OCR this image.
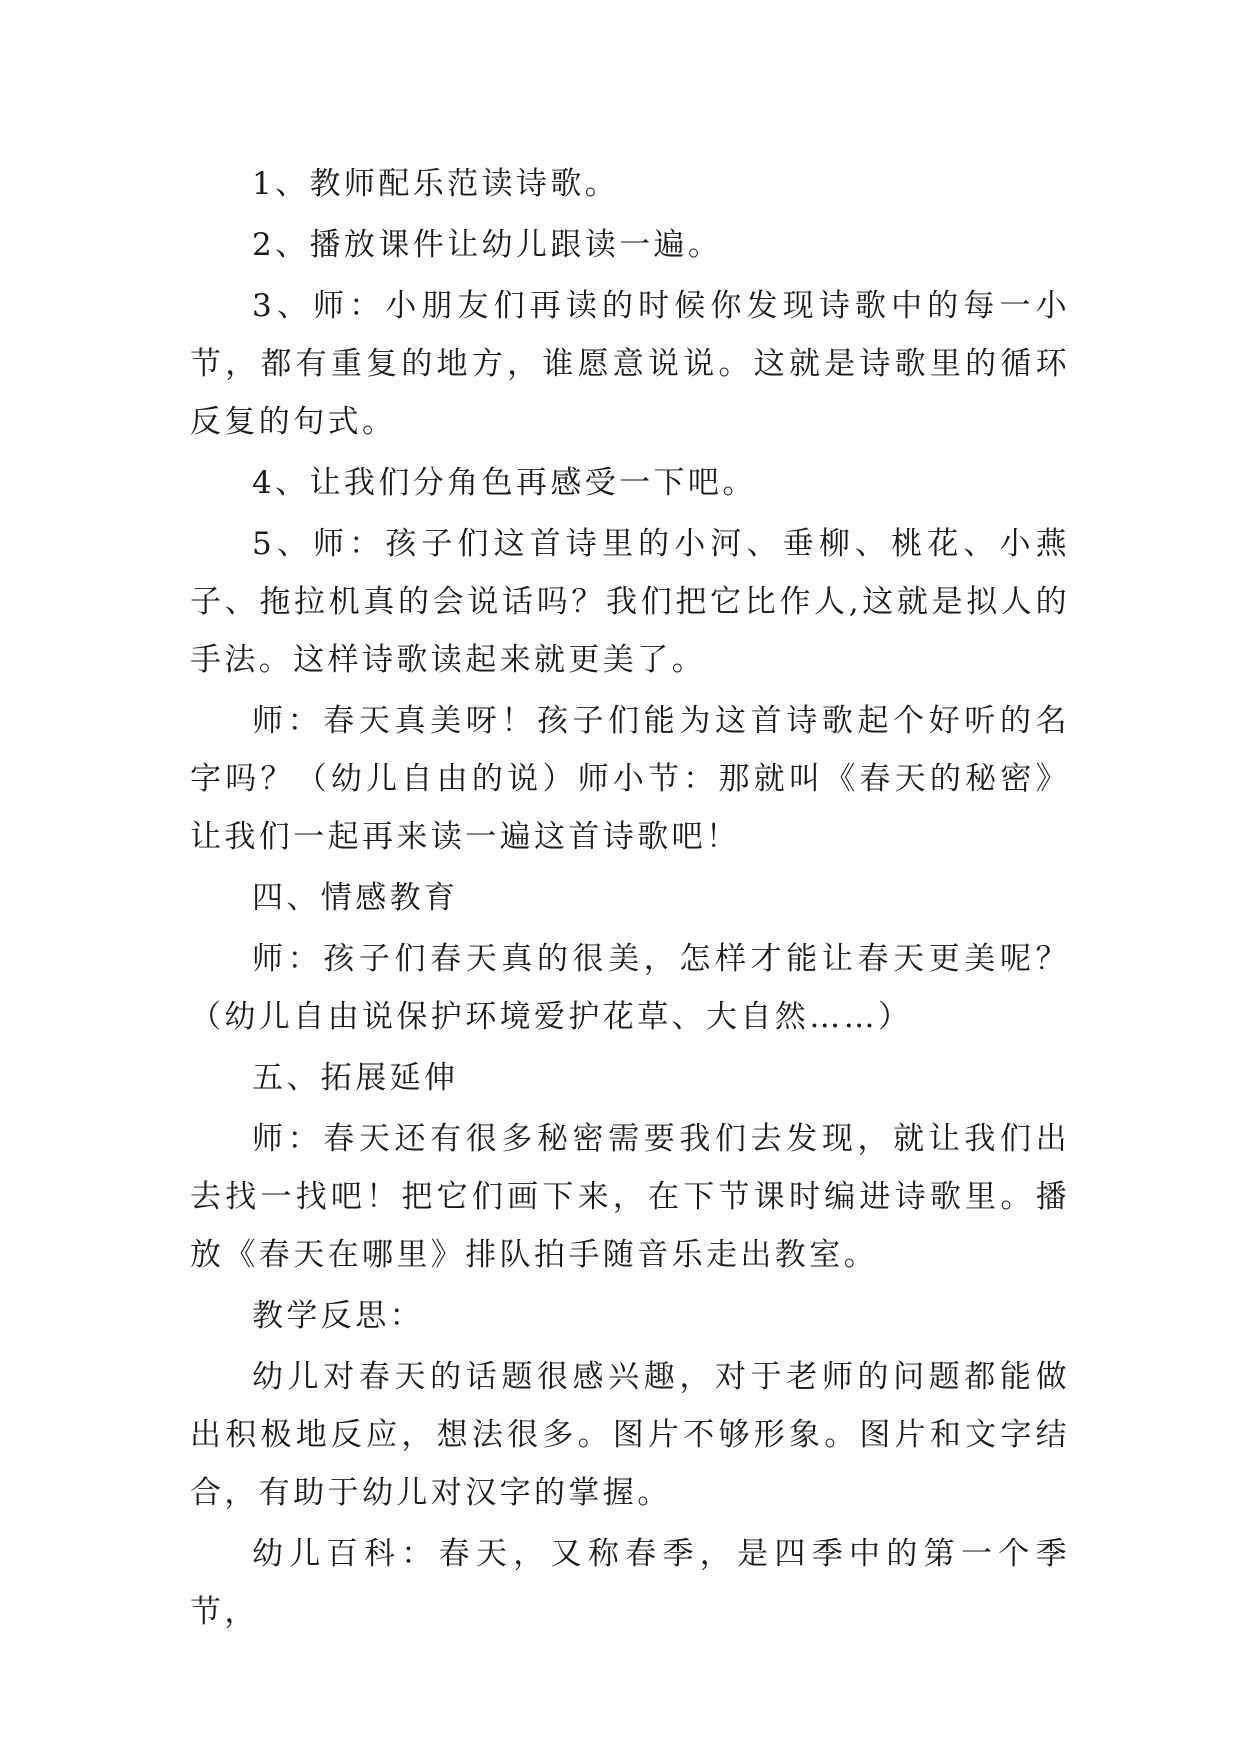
1、教师配乐范读诗歌。

2、播放课件让幼儿跟读一遍。

3、师：小朋友们再读的时候你发现诗歌中的每一小节，都有重复的地方，谁愿意说说。这就是诗歌里的循环反复的句式。

4、让我们分角色再感受一下吧。

5、师：孩子们这首诗里的小河、垂柳、桃花、小燕子、拖拉机真的会说话吗？我们把它比作人,这就是拟人的手法。这样诗歌读起来就更美了。

师：春天真美呀！孩子们能为这首诗歌起个好听的名字吗？（幼儿自由的说）师小节：那就叫《春天的秘密》让我们一起再来读一遍这首诗歌吧！

四、情感教育

师：孩子们春天真的很美，怎样才能让春天更美呢？（幼儿自由说保护环境爱护花草、大自然……）

五、拓展延伸

师：春天还有很多秘密需要我们去发现，就让我们出去找一找吧！把它们画下来，在下节课时编进诗歌里。播放《春天在哪里》排队拍手随音乐走出教室。

教学反思：

幼儿对春天的话题很感兴趣，对于老师的问题都能做出积极地反应，想法很多。图片不够形象。图片和文字结合，有助于幼儿对汉字的掌握。

幼儿百科：春天，又称春季，是四季中的第一个季节，
